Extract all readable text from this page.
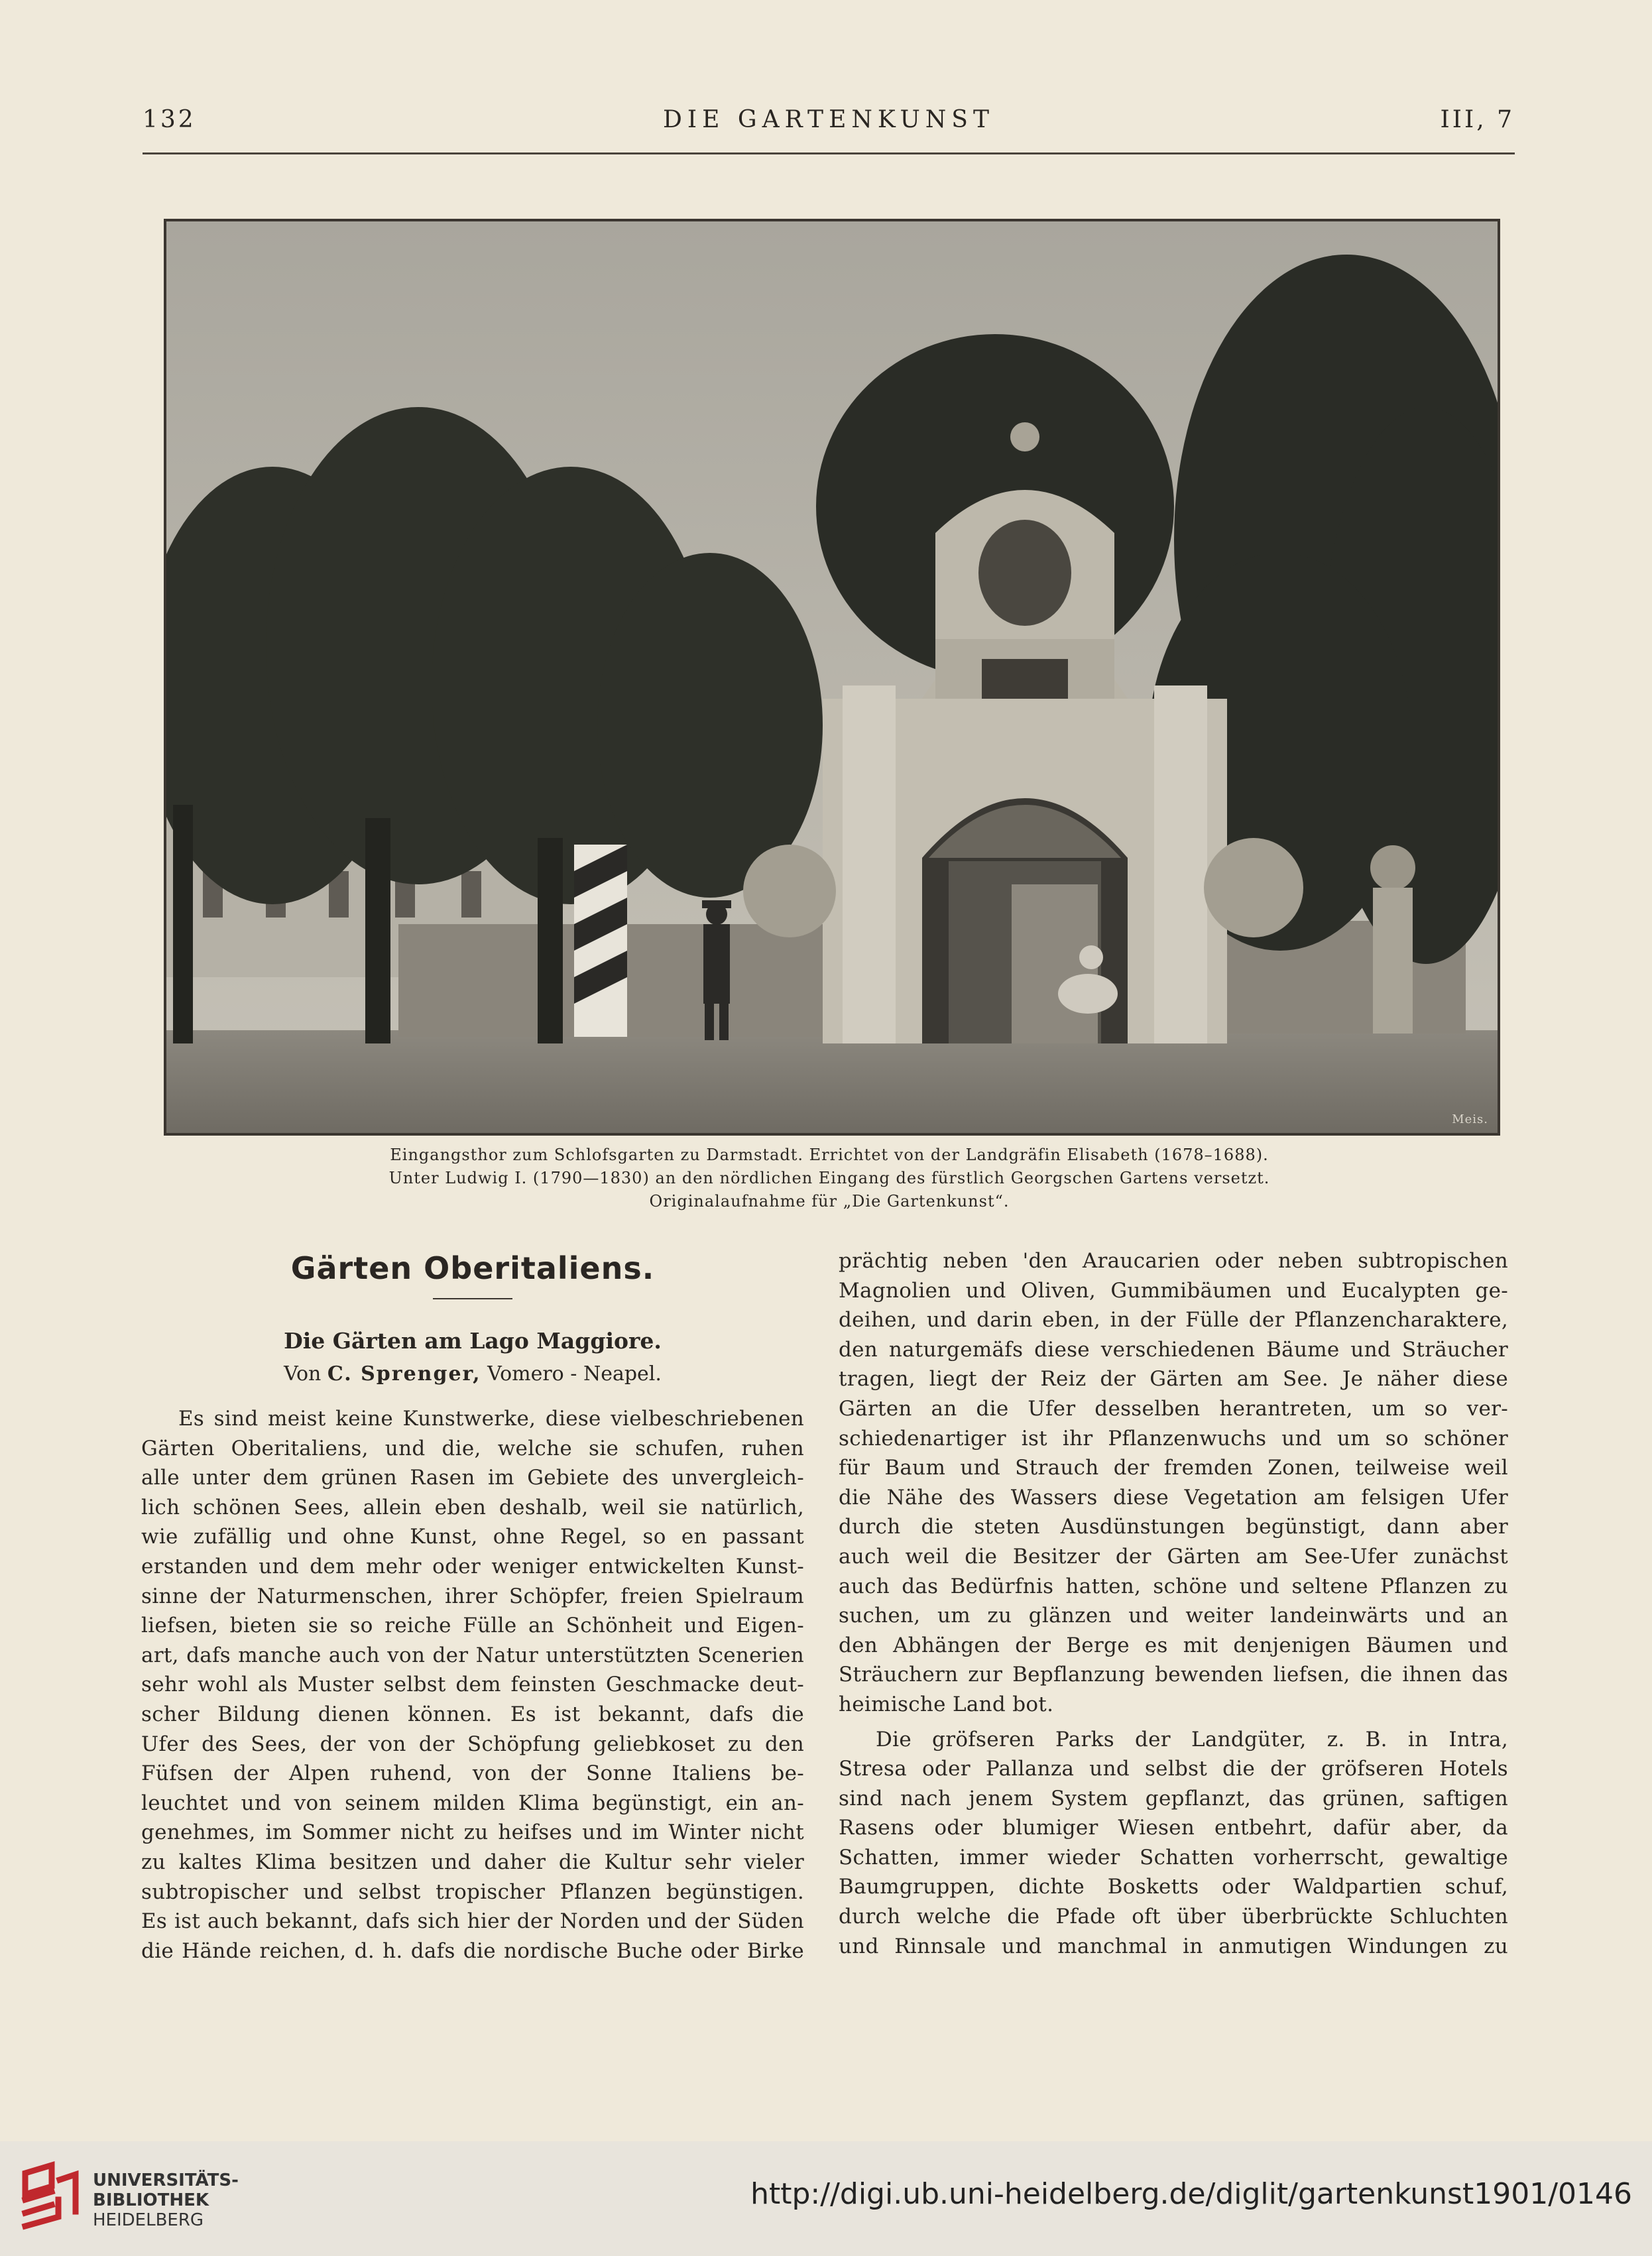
132	DIE GARTENKUNST	III, 7
Meis.
Eingangsthor zum Schlofsgarten zu Darmstadt. Errichtet von der Landgräfin Elisabeth (1678–1688).
Unter Ludwig I. (1790—1830) an den nördlichen Eingang des fürstlich Georgschen Gartens versetzt.
Originalaufnahme für „Die Gartenkunst“.
Gärten Oberitaliens.
Die Gärten am Lago Maggiore.

Von C. Sprenger, Vomero - Neapel.

Es sind meist keine Kunstwerke, diese vielbeschriebenen
Gärten Oberitaliens, und die, welche sie schufen, ruhen
alle unter dem grünen Rasen im Gebiete des unvergleich-
lich schönen Sees, allein eben deshalb, weil sie natürlich,
wie zufällig und ohne Kunst, ohne Regel, so en passant
erstanden und dem mehr oder weniger entwickelten Kunst-
sinne der Naturmenschen, ihrer Schöpfer, freien Spielraum
liefsen, bieten sie so reiche Fülle an Schönheit und Eigen-
art, dafs manche auch von der Natur unterstützten Scenerien
sehr wohl als Muster selbst dem feinsten Geschmacke deut-
scher Bildung dienen können. Es ist bekannt, dafs die
Ufer des Sees, der von der Schöpfung geliebkoset zu den
Füfsen der Alpen ruhend, von der Sonne Italiens be-
leuchtet und von seinem milden Klima begünstigt, ein an-
genehmes, im Sommer nicht zu heifses und im Winter nicht
zu kaltes Klima besitzen und daher die Kultur sehr vieler
subtropischer und selbst tropischer Pflanzen begünstigen.
Es ist auch bekannt, dafs sich hier der Norden und der Süden
die Hände reichen, d. h. dafs die nordische Buche oder Birke

prächtig neben 'den Araucarien oder neben subtropischen
Magnolien und Oliven, Gummibäumen und Eucalypten ge-
deihen, und darin eben, in der Fülle der Pflanzencharaktere,
den naturgemäfs diese verschiedenen Bäume und Sträucher
tragen, liegt der Reiz der Gärten am See. Je näher diese
Gärten an die Ufer desselben herantreten, um so ver-
schiedenartiger ist ihr Pflanzenwuchs und um so schöner
für Baum und Strauch der fremden Zonen, teilweise weil
die Nähe des Wassers diese Vegetation am felsigen Ufer
durch die steten Ausdünstungen begünstigt, dann aber
auch weil die Besitzer der Gärten am See-Ufer zunächst
auch das Bedürfnis hatten, schöne und seltene Pflanzen zu
suchen, um zu glänzen und weiter landeinwärts und an
den Abhängen der Berge es mit denjenigen Bäumen und
Sträuchern zur Bepflanzung bewenden liefsen, die ihnen das
heimische Land bot.

Die gröfseren Parks der Landgüter, z. B. in Intra,
Stresa oder Pallanza und selbst die der gröfseren Hotels
sind nach jenem System gepflanzt, das grünen, saftigen
Rasens oder blumiger Wiesen entbehrt, dafür aber, da
Schatten, immer wieder Schatten vorherrscht, gewaltige
Baumgruppen, dichte Bosketts oder Waldpartien schuf,
durch welche die Pfade oft über überbrückte Schluchten
und Rinnsale und manchmal in anmutigen Windungen zu

UNIVERSITÄTS-
BIBLIOTHEK
HEIDELBERG
http://digi.ub.uni-heidelberg.de/diglit/gartenkunst1901/0146
